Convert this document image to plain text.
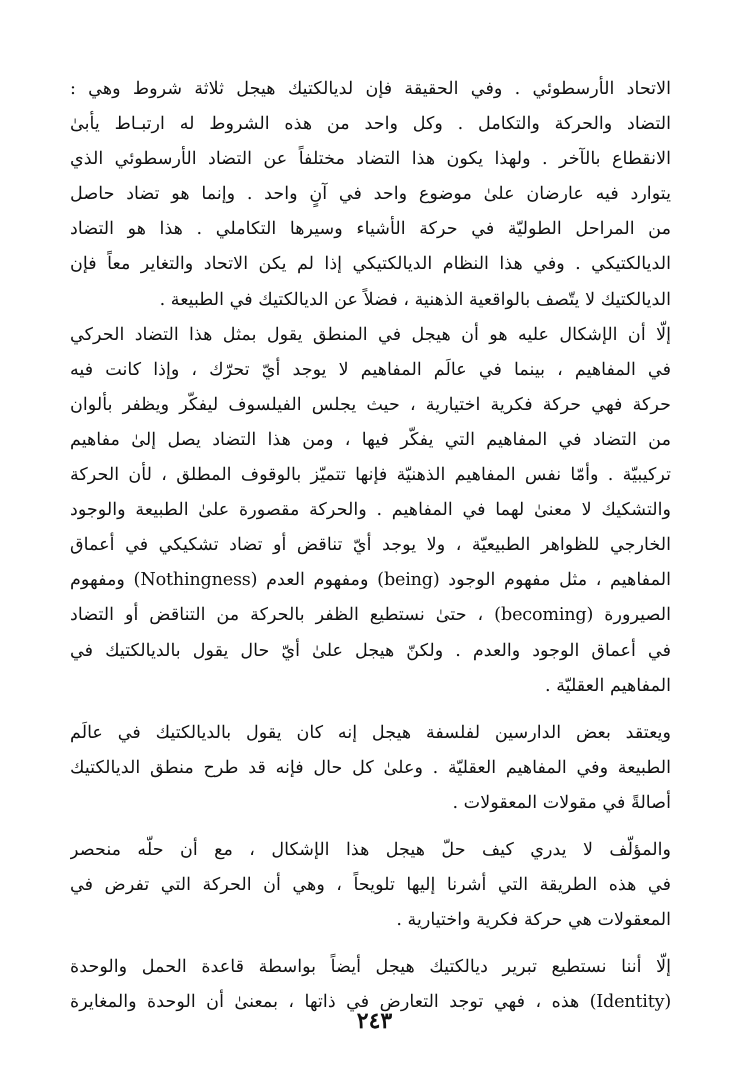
الاتحاد الأرسطوئي . وفي الحقيقة فإن لديالكتيك هيجل ثلاثة شروط وهي :
التضاد والحركة والتكامل . وكل واحد من هذه الشروط له ارتبـاط يأبىٰ
الانقطاع بالآخر . ولهذا يكون هذا التضاد مختلفاً عن التضاد الأرسطوئي الذي
يتوارد فيه عارضان علىٰ موضوع واحد في آنٍ واحد . وإنما هو تضاد حاصل
من المراحل الطوليّة في حركة الأشياء وسيرها التكاملي . هذا هو التضاد
الديالكتيكي . وفي هذا النظام الديالكتيكي إذا لم يكن الاتحاد والتغاير معاً فإن
الديالكتيك لا يتّصف بالواقعية الذهنية ، فضلاً عن الديالكتيك في الطبيعة .
إلّا أن الإشكال عليه هو أن هيجل في المنطق يقول بمثل هذا التضاد الحركي
في المفاهيم ، بينما في عالَم المفاهيم لا يوجد أيّ تحرّك ، وإذا كانت فيه
حركة فهي حركة فكرية اختيارية ، حيث يجلس الفيلسوف ليفكّر ويظفر بألوان
من التضاد في المفاهيم التي يفكّر فيها ، ومن هذا التضاد يصل إلىٰ مفاهيم
تركيبيّة . وأمّا نفس المفاهيم الذهنيّة فإنها تتميّز بالوقوف المطلق ، لأن الحركة
والتشكيك لا معنىٰ لهما في المفاهيم . والحركة مقصورة علىٰ الطبيعة والوجود
الخارجي للظواهر الطبيعيّة ، ولا يوجد أيّ تناقض أو تضاد تشكيكي في أعماق
المفاهيم ، مثل مفهوم الوجود (being) ومفهوم العدم (Nothingness) ومفهوم
الصيرورة (becoming) ، حتىٰ نستطيع الظفر بالحركة من التناقض أو التضاد
في أعماق الوجود والعدم . ولكنّ هيجل علىٰ أيّ حال يقول بالديالكتيك في
المفاهيم العقليّة .
ويعتقد بعض الدارسين لفلسفة هيجل إنه كان يقول بالديالكتيك في عالَم
الطبيعة وفي المفاهيم العقليّة . وعلىٰ كل حال فإنه قد طرح منطق الديالكتيك
أصالةً في مقولات المعقولات .
والمؤلّف لا يدري كيف حلّ هيجل هذا الإشكال ، مع أن حلّه منحصر
في هذه الطريقة التي أشرنا إليها تلويحاً ، وهي أن الحركة التي تفرض في
المعقولات هي حركة فكرية واختيارية .
إلّا أننا نستطيع تبرير ديالكتيك هيجل أيضاً بواسطة قاعدة الحمل والوحدة
(Identity) هذه ، فهي توجد التعارض في ذاتها ، بمعنىٰ أن الوحدة والمغايرة
٢٤٣
